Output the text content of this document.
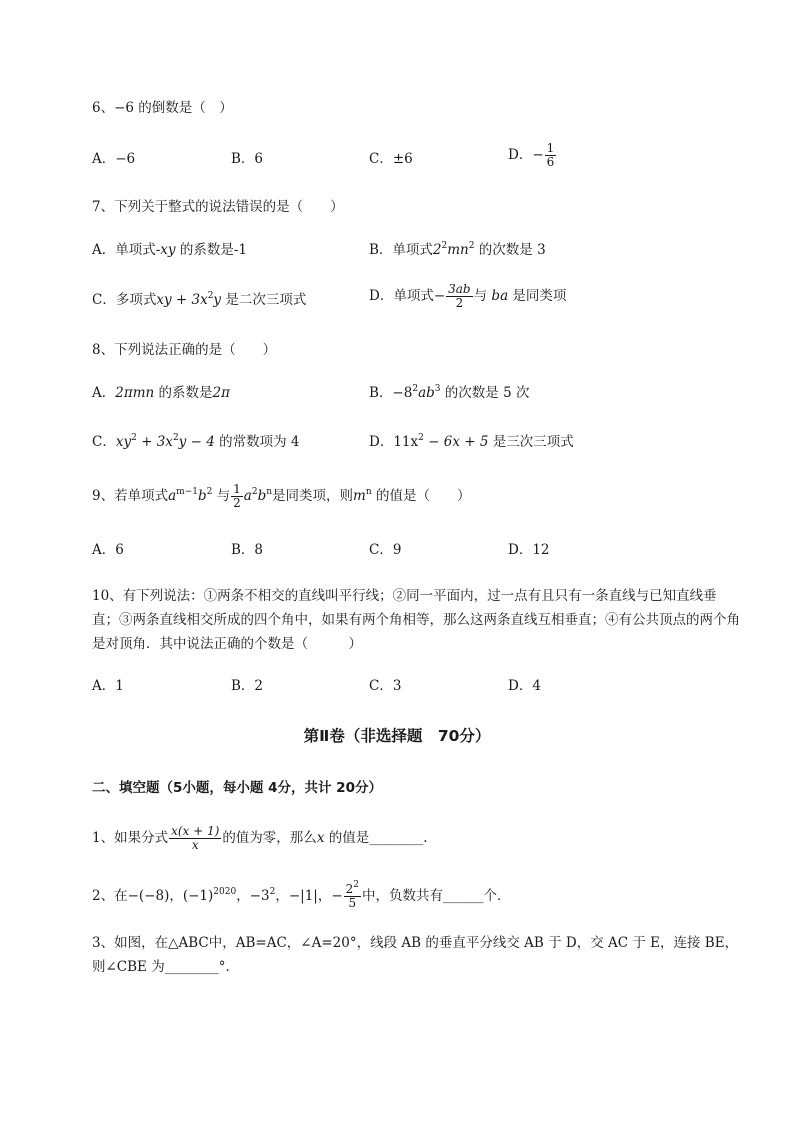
6、−6 的倒数是（　）
A．−6	B．6	C．±6	D．− $\frac{1}{6}$
7、下列关于整式的说法错误的是（　　）
A．单项式-xy 的系数是-1	B．单项式$2^2mn^2$ 的次数是 3
C．多项式xy + $3x^2y$ 是二次三项式	D．单项式− $\frac{3ab}{2}$ 与 ba 是同类项
8、下列说法正确的是（　　）
A．2πmn 的系数是2π	B．$-8^2ab^3$ 的次数是 5 次
C．$xy^2 + 3x^2y - 4$ 的常数项为 4	D．$11x^2 - 6x + 5$ 是三次三项式
9、若单项式$a^{m-1}b^2$ 与 $\frac{1}{2} a^2b^n$是同类项，则$m^n$ 的值是（　　）
A．6	B．8	C．9	D．12
10、有下列说法：①两条不相交的直线叫平行线；②同一平面内，过一点有且只有一条直线与已知直线垂直；③两条直线相交所成的四个角中，如果有两个角相等，那么这两条直线互相垂直；④有公共顶点的两个角是对顶角．其中说法正确的个数是（　　　）
A．1	B．2	C．3	D．4
第Ⅱ卷（非选择题　70分）
二、填空题（5小题，每小题 4分，共计 20分）
1、如果分式 $\frac{x(x + 1)}{x}$ 的值为零，那么x 的值是________.
2、在−(−8)，$(-1)^{2020}$，$-3^2$，−|1|，− $\frac{2^2}{5}$ 中，负数共有______个．
3、如图，在△ABC中，AB=AC，∠A=20°，线段 AB 的垂直平分线交 AB 于 D，交 AC 于 E，连接 BE，则∠CBE 为________°．
